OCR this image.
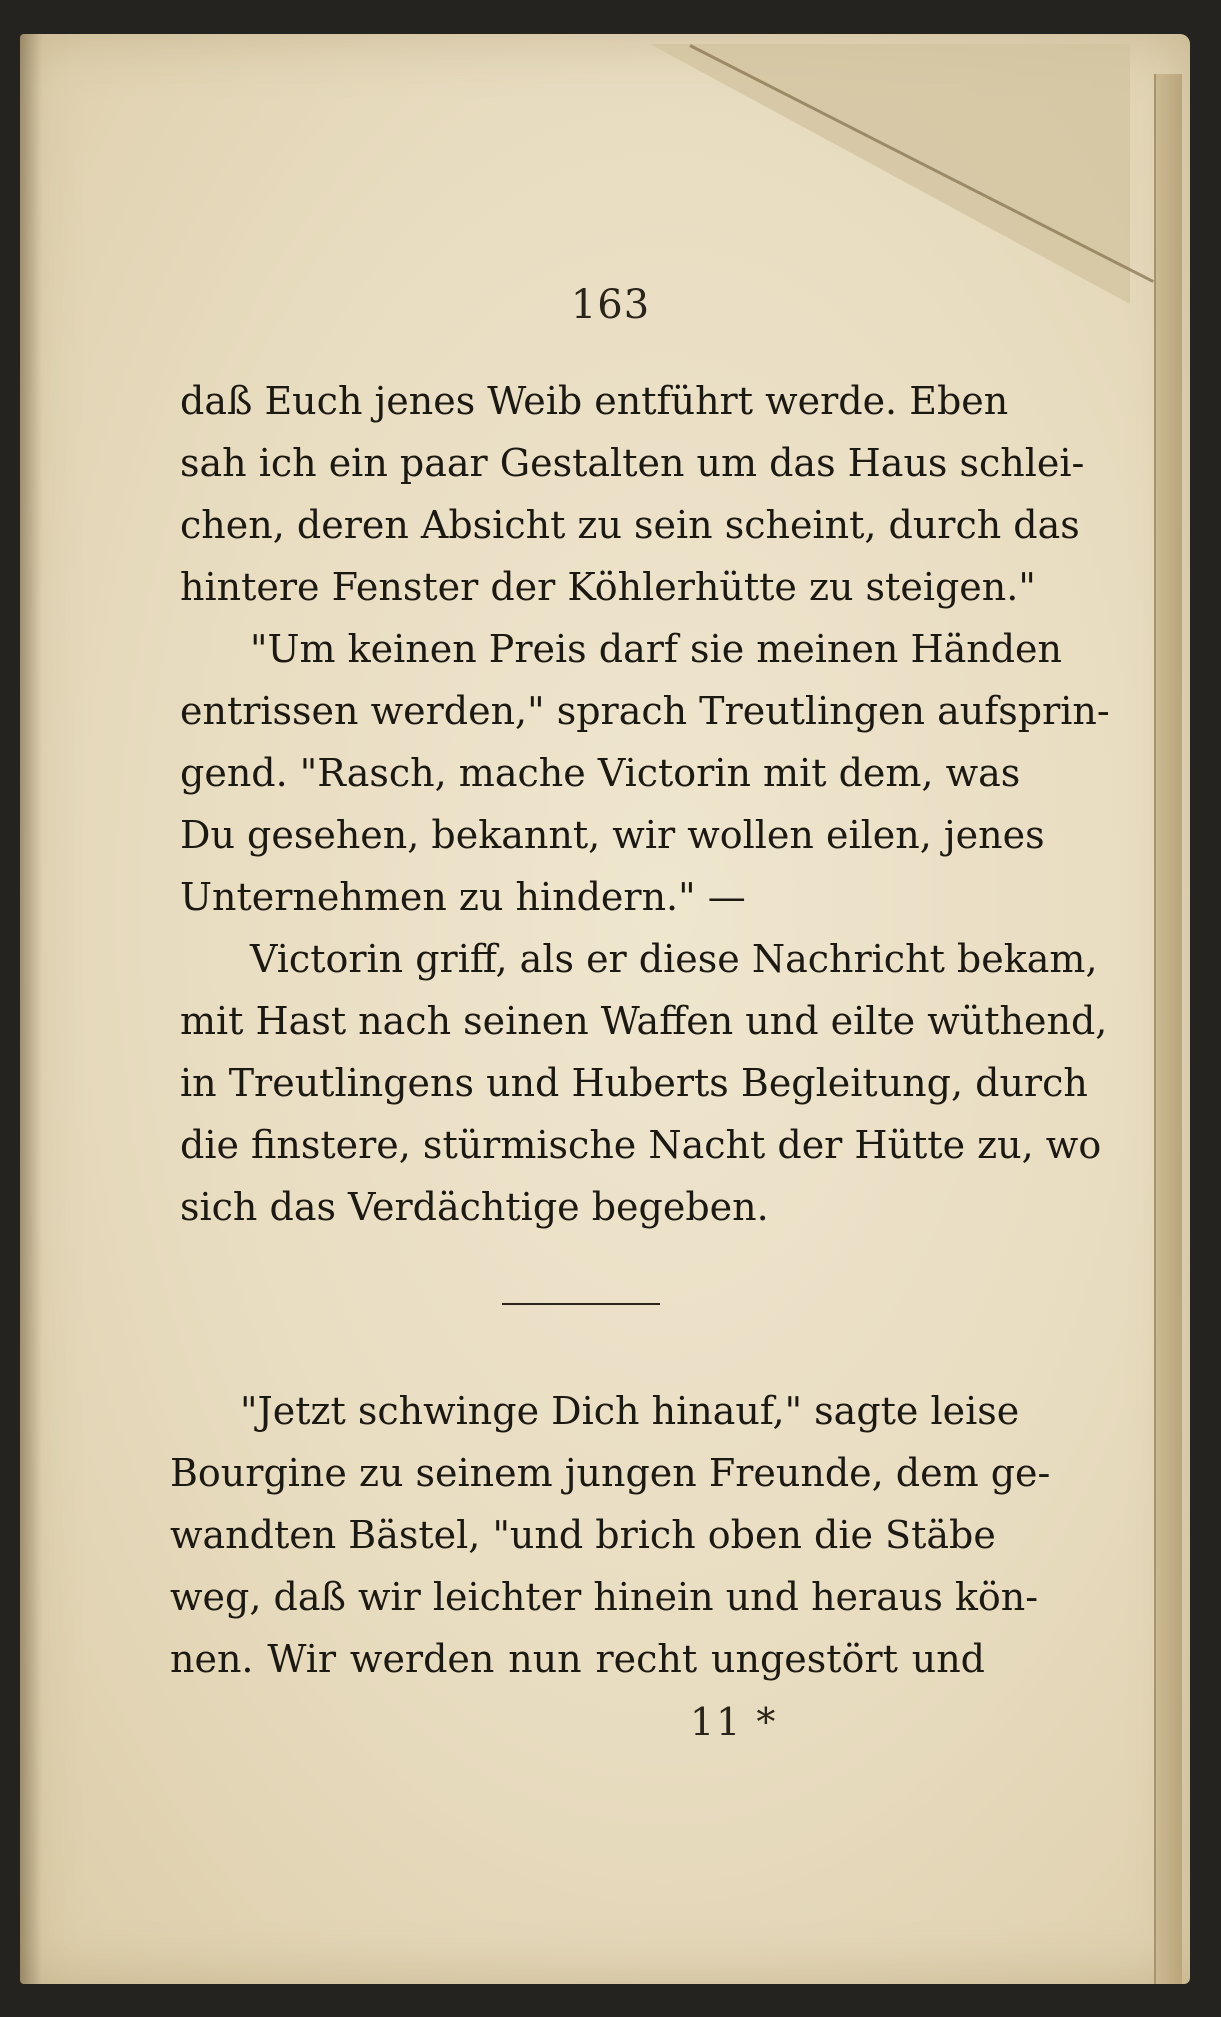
163

daß Euch jenes Weib entführt werde. Eben
sah ich ein paar Gestalten um das Haus schlei-
chen, deren Absicht zu sein scheint, durch das
hintere Fenster der Köhlerhütte zu steigen."

"Um keinen Preis darf sie meinen Händen
entrissen werden," sprach Treutlingen aufsprin-
gend. "Rasch, mache Victorin mit dem, was
Du gesehen, bekannt, wir wollen eilen, jenes
Unternehmen zu hindern." —

Victorin griff, als er diese Nachricht bekam,
mit Hast nach seinen Waffen und eilte wüthend,
in Treutlingens und Huberts Begleitung, durch
die finstere, stürmische Nacht der Hütte zu, wo
sich das Verdächtige begeben.

"Jetzt schwinge Dich hinauf," sagte leise
Bourgine zu seinem jungen Freunde, dem ge-
wandten Bästel, "und brich oben die Stäbe
weg, daß wir leichter hinein und heraus kön-
nen. Wir werden nun recht ungestört und
11 *
